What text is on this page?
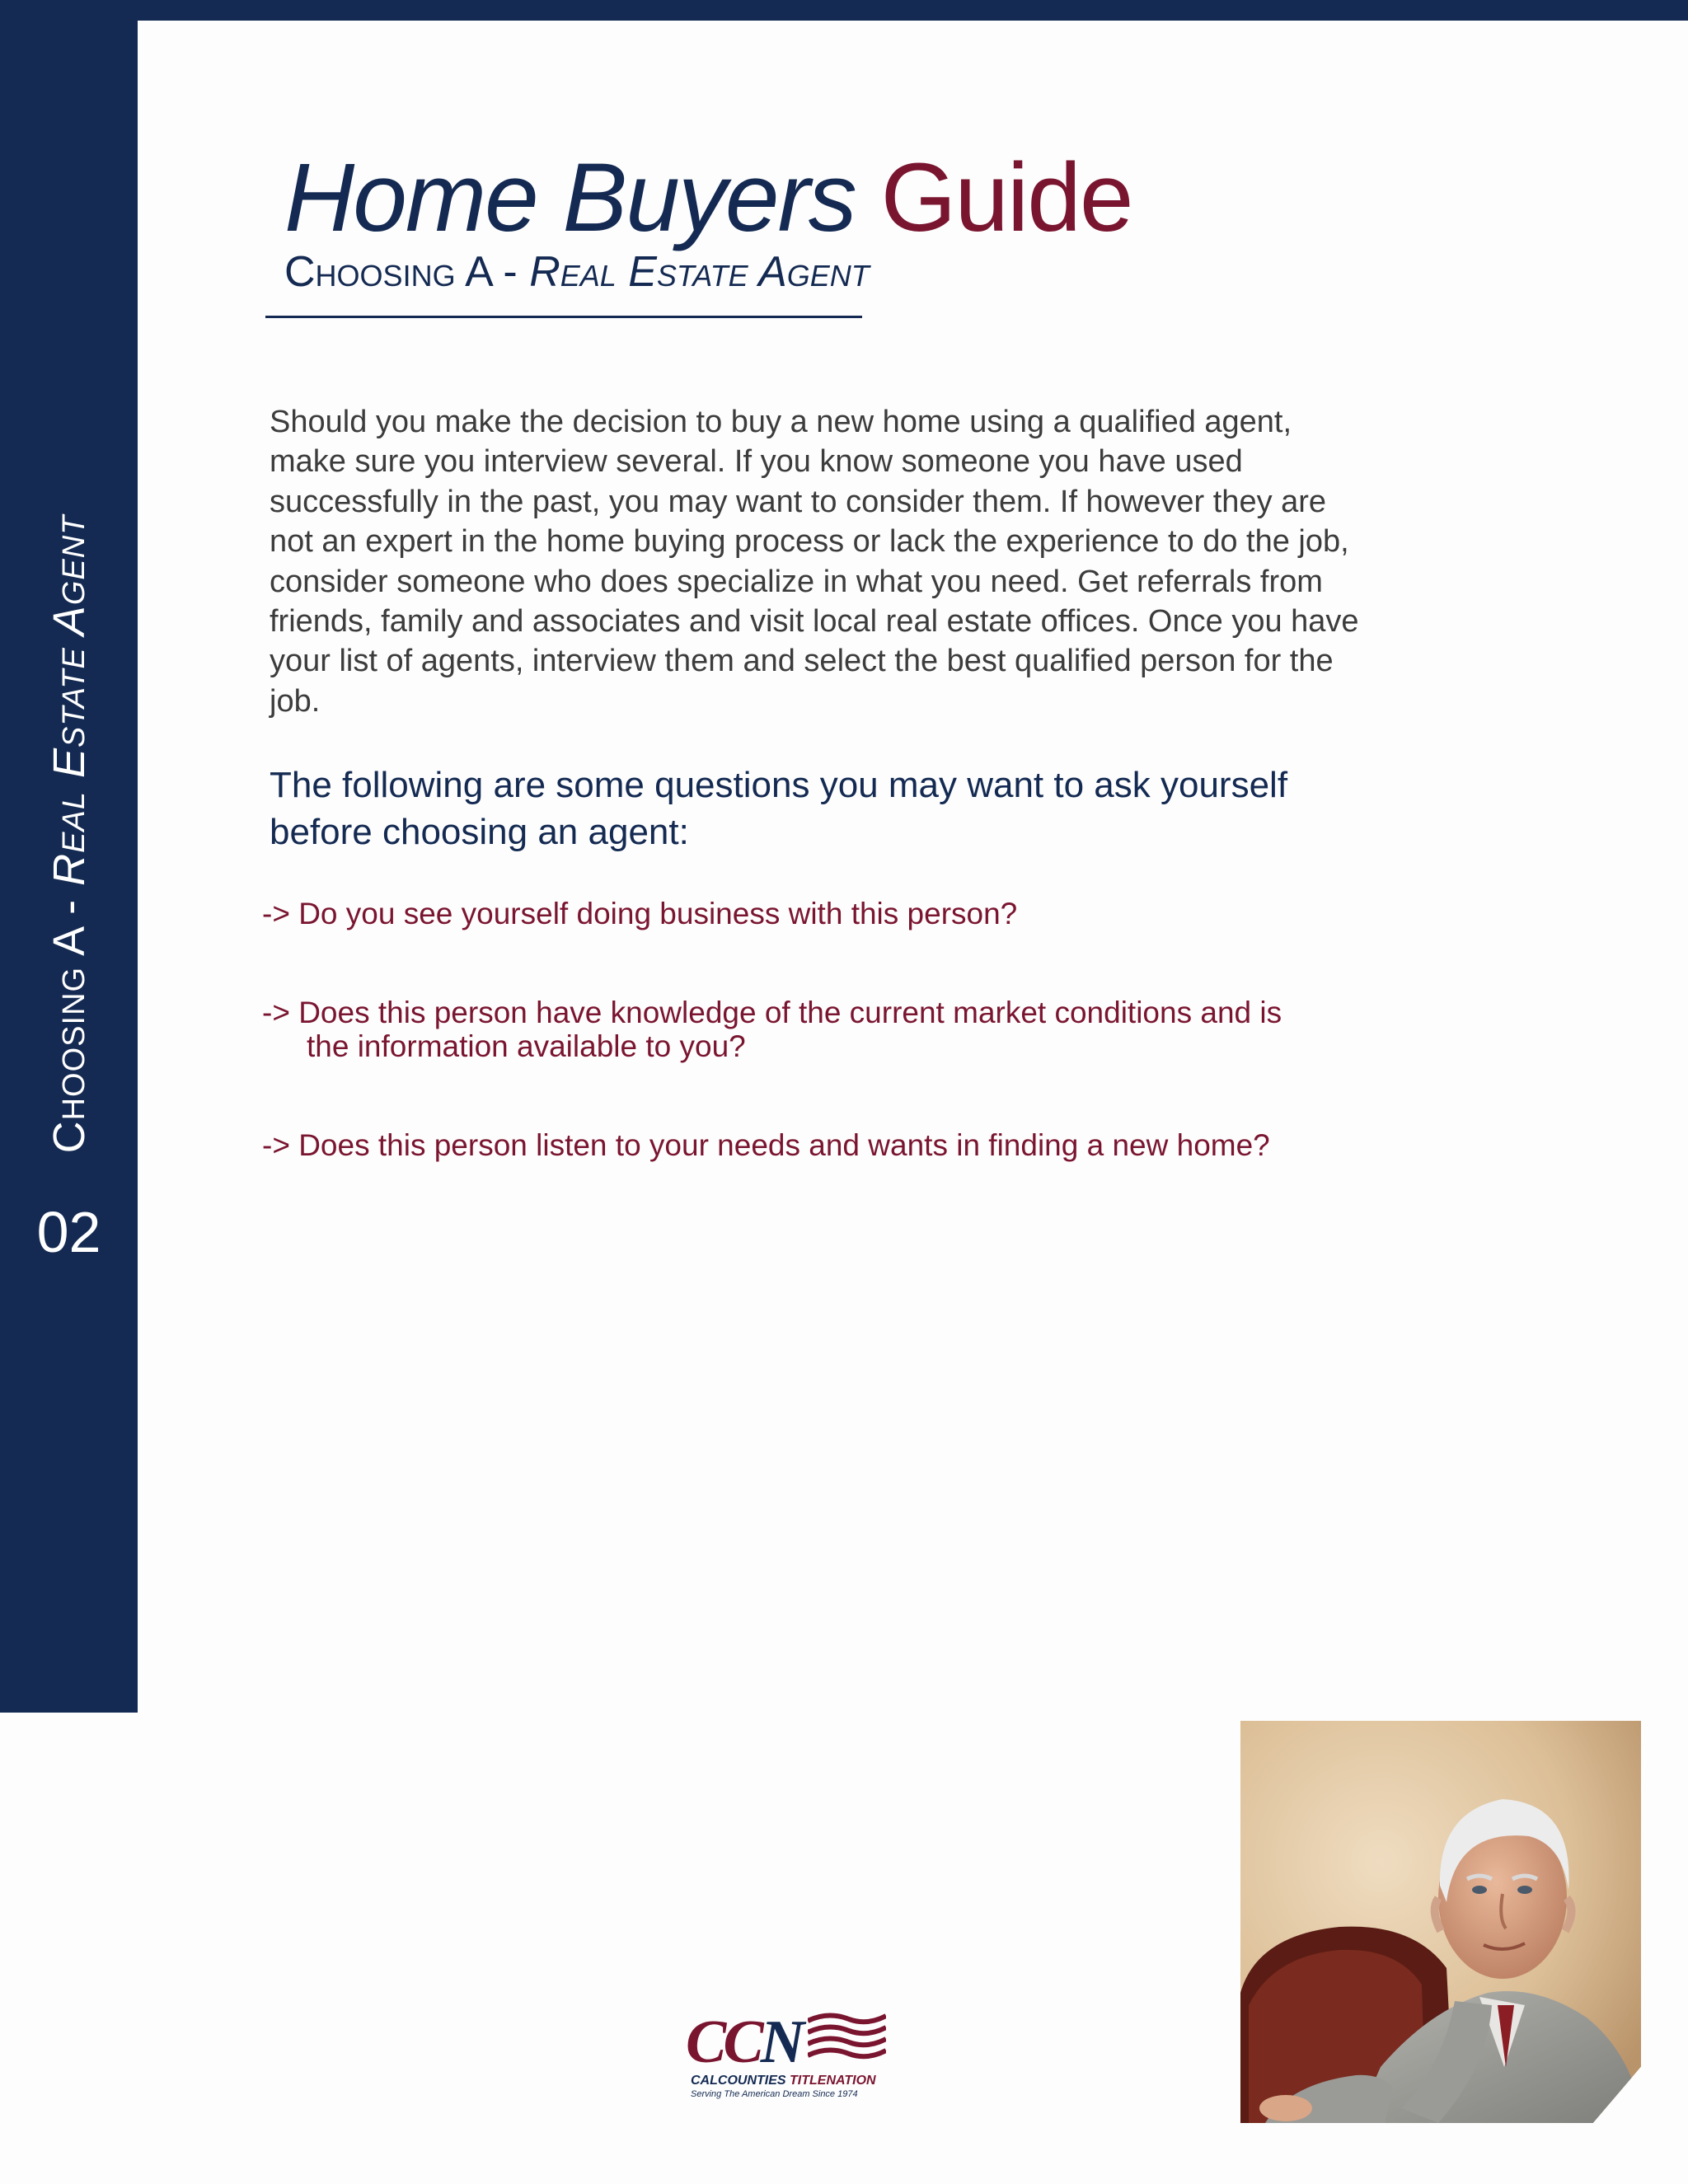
Choosing A - Real Estate Agent
02
Home Buyers Guide
Choosing A - Real Estate Agent

Should you make the decision to buy a new home using a qualified agent, make sure you interview several. If you know someone you have used successfully in the past, you may want to consider them. If however they are not an expert in the home buying process or lack the experience to do the job, consider someone who does specialize in what you need. Get referrals from friends, family and associates and visit local real estate offices. Once you have your list of agents, interview them and select the best qualified person for the job.

The following are some questions you may want to ask yourself before choosing an agent:

-> Do you see yourself doing business with this person?
-> Does this person have knowledge of the current market conditions and is
the information available to you?
-> Does this person listen to your needs and wants in finding a new home?
CCN
CALCOUNTIES TITLENATION
Serving The American Dream Since 1974
